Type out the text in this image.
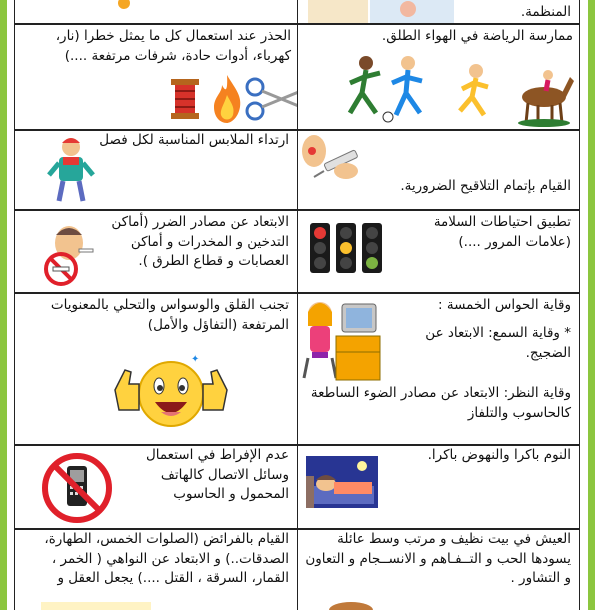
المنظمة.
الحذر عند استعمال كل ما يمثل خطرا (نار، كهرباء، أدوات حادة، شرفات مرتفعة ....)
ممارسة الرياضة في الهواء الطلق.
ارتداء الملابس المناسبة لكل فصل
القيام بإتمام التلاقيح الضرورية.
الابتعاد عن مصادر الضرر (أماكن التدخين و المخدرات و أماكن العصابات و قطاع الطرق ).
تطبيق احتياطات السلامة (علامات المرور ....)
تجنب القلق والوسواس والتحلي بالمعنويات المرتفعة (التفاؤل والأمل)
✦
وقاية الحواس الخمسة :
* وقاية السمع: الابتعاد عن الضجيج.
وقاية النظر: الابتعاد عن مصادر الضوء الساطعة كالحاسوب والتلفاز
عدم الإفراط في استعمال وسائل الاتصال كالهاتف المحمول و الحاسوب
النوم باكرا والنهوض باكرا.
القيام بالفرائض (الصلوات الخمس، الطهارة، الصدقات..) و الابتعاد عن النواهي ( الخمر ، القمار، السرقة ، القتل ....) يجعل العقل و
العيش في بيت نظيف و مرتب وسط عائلة يسودها الحب و التــفـاهم و الانســجام و التعاون و التشاور .
